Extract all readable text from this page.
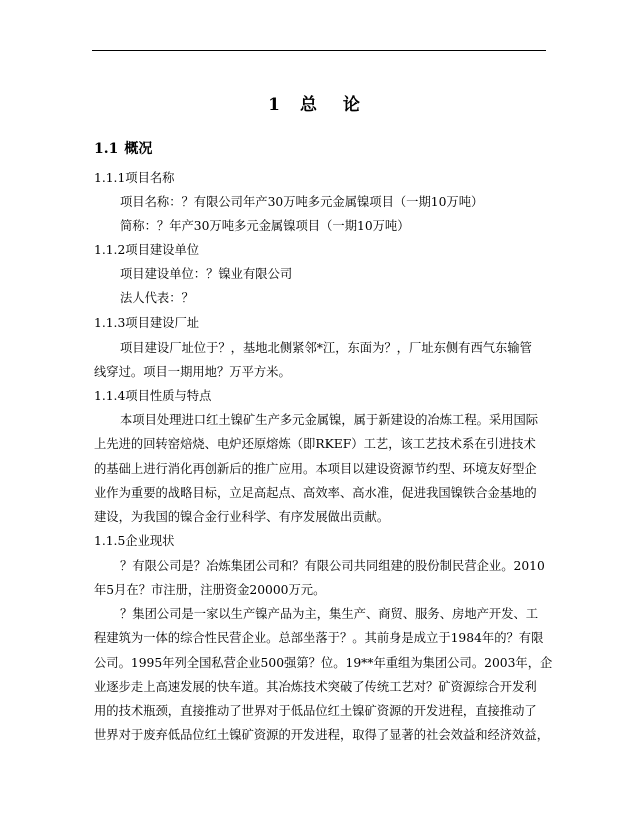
1 总 论
1.1 概况
1.1.1项目名称
项目名称：？有限公司年产30万吨多元金属镍项目（一期10万吨）
简称：？年产30万吨多元金属镍项目（一期10万吨）
1.1.2项目建设单位
项目建设单位：？镍业有限公司
法人代表：？
1.1.3项目建设厂址
项目建设厂址位于？，基地北侧紧邻*江，东面为？，厂址东侧有西气东输管
线穿过。项目一期用地？万平方米。
1.1.4项目性质与特点
本项目处理进口红土镍矿生产多元金属镍，属于新建设的冶炼工程。采用国际
上先进的回转窑焙烧、电炉还原熔炼（即RKEF）工艺，该工艺技术系在引进技术
的基础上进行消化再创新后的推广应用。本项目以建设资源节约型、环境友好型企
业作为重要的战略目标，立足高起点、高效率、高水准，促进我国镍铁合金基地的
建设，为我国的镍合金行业科学、有序发展做出贡献。
1.1.5企业现状
？有限公司是？冶炼集团公司和？有限公司共同组建的股份制民营企业。2010
年5月在？市注册，注册资金20000万元。
？集团公司是一家以生产镍产品为主，集生产、商贸、服务、房地产开发、工
程建筑为一体的综合性民营企业。总部坐落于？。其前身是成立于1984年的？有限
公司。1995年列全国私营企业500强第？位。19**年重组为集团公司。2003年，企
业逐步走上高速发展的快车道。其冶炼技术突破了传统工艺对？矿资源综合开发利
用的技术瓶颈，直接推动了世界对于低品位红土镍矿资源的开发进程，直接推动了
世界对于废弃低品位红土镍矿资源的开发进程，取得了显著的社会效益和经济效益，
